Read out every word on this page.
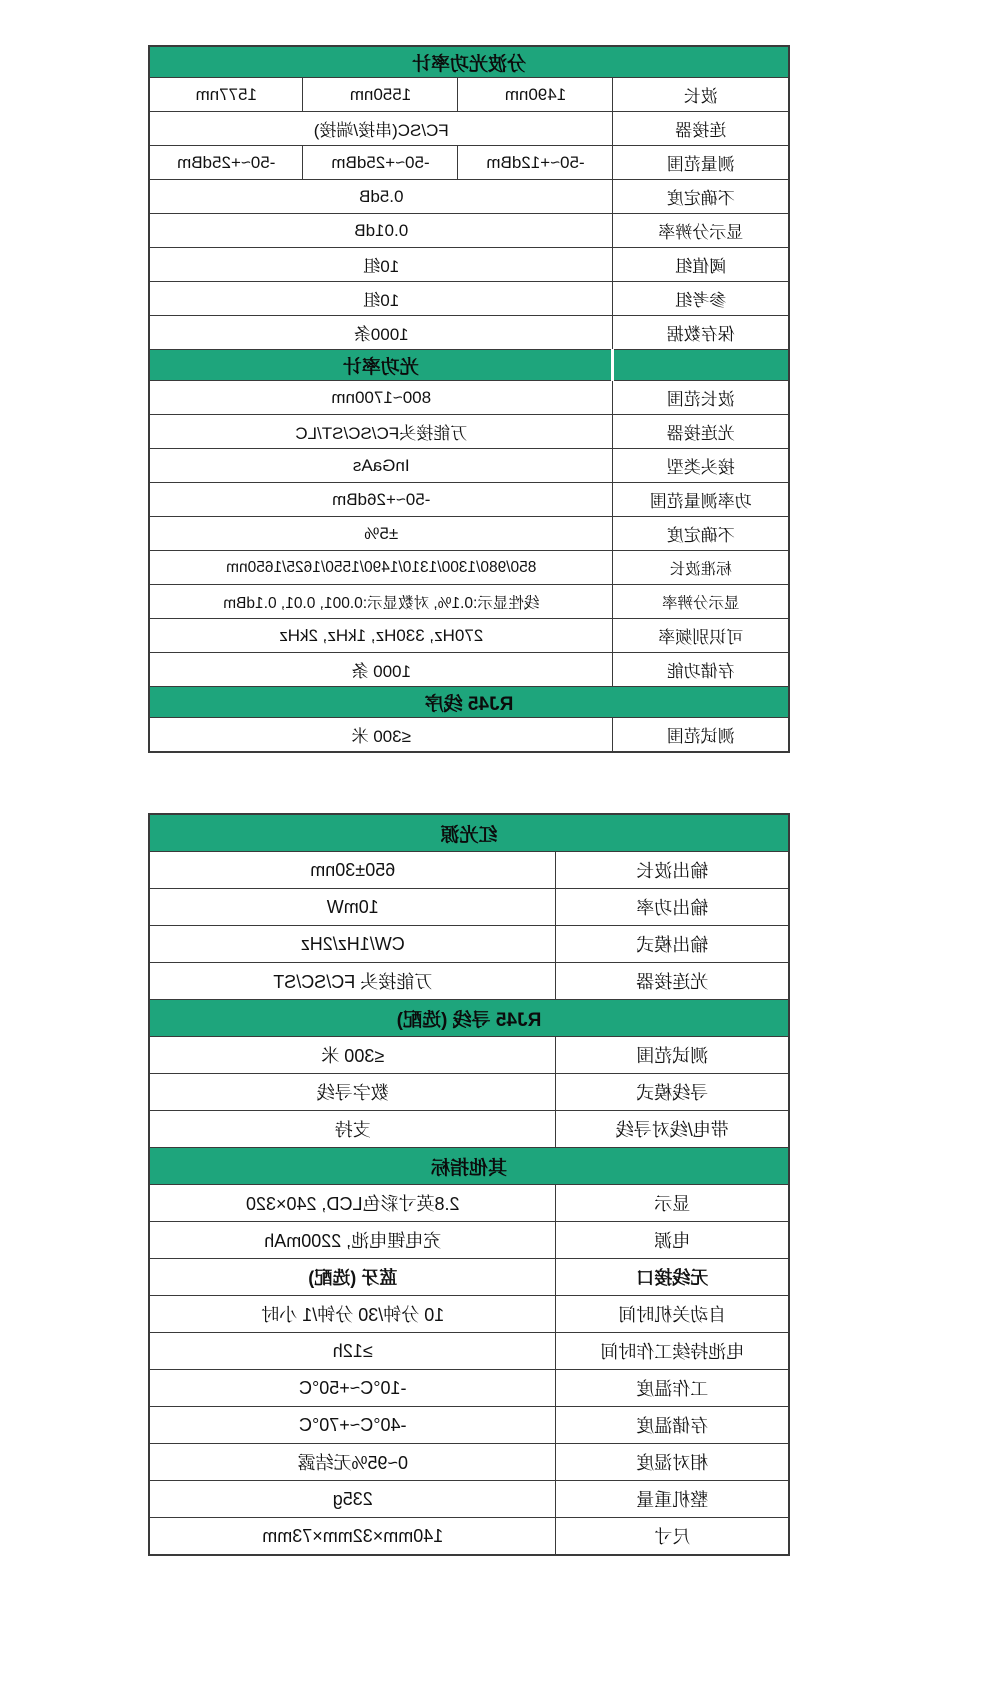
分波光功率计			
波长	1490nm	1550nm	1577nm
连接器	FC/SC(串接/端接)		
测量范围	-50~+12dBm	-50~+25dBm	-50~+25dBm
不确定度	0.5dB		
显示分辨率	0.01dB		
阈值组	10组		
参考组	10组		
保存数据	1000条		
	光功率计		
波长范围	800~1700nm		
光连接器	万能接头FC/SC/ST/LC		
接头类型	InGaAs		
功率测量范围	-50~+26dBm		
不确定度	±5%		
标准波长	850/980/1300/1310/1490/1550/1625/1650nm		
显示分辨率	线性显示:0.1%, 对数显示:0.001, 0.01, 0.1dBm		
可识别频率	270Hz, 330Hz, 1kHz, 2kHz		
存储功能	1000 条		
RJ45 线序			
测试范围	≤300 米		
红光源	
输出波长	650±30nm
输出功率	10mW
输出模式	CW/1Hz/2Hz
光连接器	万能接头 FC/SC/ST
RJ45 寻线 (选配)	
测试范围	≤300 米
寻线模式	数字寻线
带电/线对寻线	支持
其他指标	
显示	2.8英寸彩色LCD, 240×320
电源	充电锂电池, 2200mAh
无线接口	蓝牙 (选配)
自动关机时间	10 分钟/30 分钟/1 小时
电池持续工作时间	≥12h
工作温度	-10°C~+50°C
存储温度	-40°C~+70°C
相对湿度	0~95%无结露
整机重量	235g
尺寸	140mm×32mm×73mm
